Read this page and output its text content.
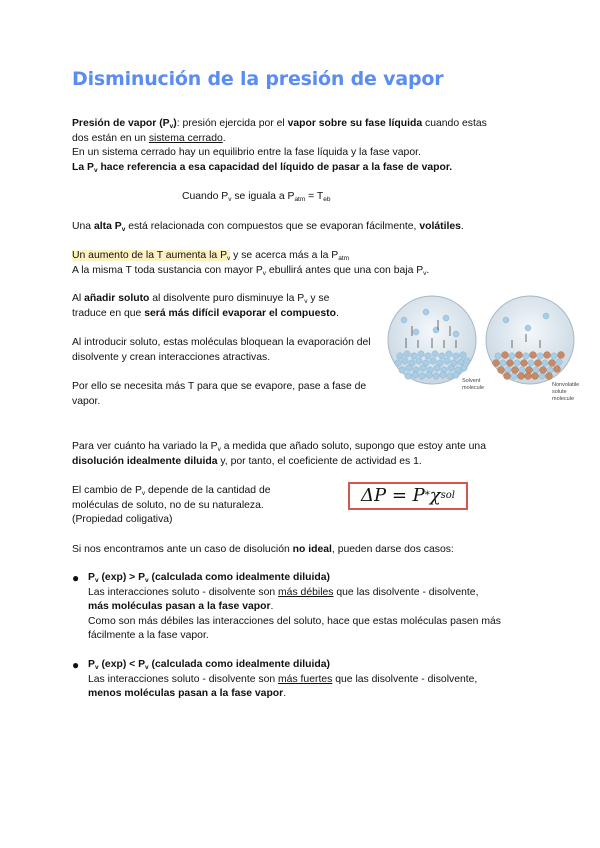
Disminución de la presión de vapor

Presión de vapor $(P_v)$: presión ejercida por el vapor sobre su fase líquida cuando estas

dos están en un sistema cerrado.

En un sistema cerrado hay un equilibrio entre la fase líquida y la fase vapor.

La $P_v$ hace referencia a esa capacidad del líquido de pasar a la fase de vapor.

Cuando $P_v$ se iguala a $P_{atm} = T_{eb}$
Una alta $P_v$ está relacionada con compuestos que se evaporan fácilmente, volátiles.

Un aumento de la T aumenta la $P_v$ y se acerca más a la $P_{atm}$

A la misma T toda sustancia con mayor $P_v$ ebullirá antes que una con baja $P_v$.

Al añadir soluto al disolvente puro disminuye la $P_v$ y se

traduce en que será más difícil evaporar el compuesto.

Al introducir soluto, estas moléculas bloquean la evaporación del disolvente y crean interacciones atractivas.
Por ello se necesita más T para que se evapore, pase a fase de vapor.
Solvent molecule	Nonvolatile solute molecule

Para ver cuánto ha variado la $P_v$ a medida que añado soluto, supongo que estoy ante una

disolución idealmente diluida y, por tanto, el coeficiente de actividad es 1.

El cambio de $P_v$ depende de la cantidad de

moléculas de soluto, no de su naturaleza.

(Propiedad coligativa)

ΔP = P * χ sol
Si nos encontramos ante un caso de disolución no ideal, pueden darse dos casos:
● $P_v$ $(\exp) > P_v$ (calculada como idealmente diluida)

Las interacciones soluto - disolvente son más débiles que las disolvente - disolvente,

más moléculas pasan a la fase vapor.

Como son más débiles las interacciones del soluto, hace que estas moléculas pasen más fácilmente a la fase vapor.

● $P_v$ $(\exp) < P_v$ (calculada como idealmente diluida)

Las interacciones soluto - disolvente son más fuertes que las disolvente - disolvente,

menos moléculas pasan a la fase vapor.
